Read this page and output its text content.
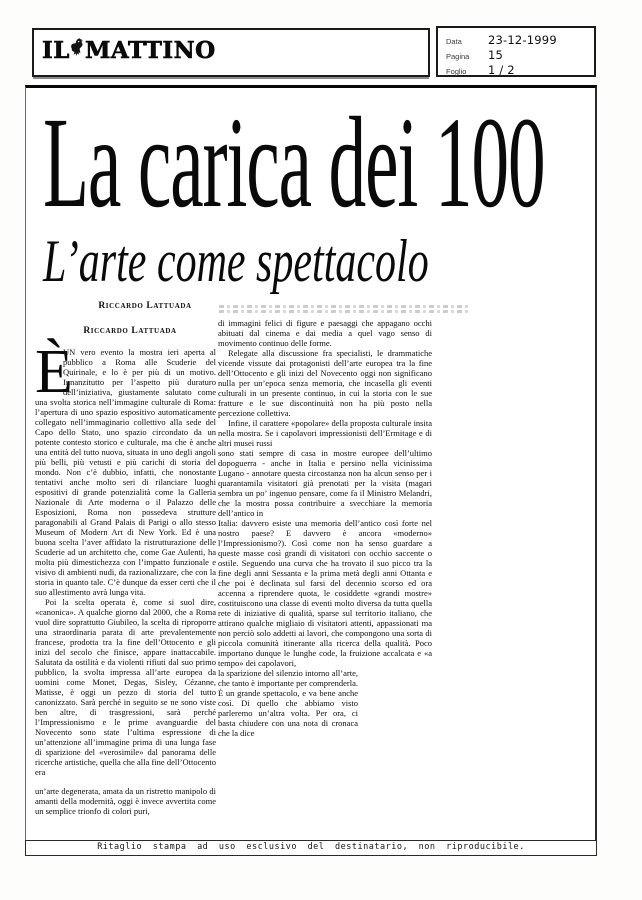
IL MATTINO	Data	23-12-1999
Pagina	15
Foglio	1 / 2
La carica dei 100
L’arte come spettacolo
Riccardo Lattuada
Riccardo Lattuada

È
UN vero evento la mostra ieri aperta al pubblico a Roma alle Scuderie del Quirinale, e lo è per più di un motivo. Innanzitutto per l’aspetto più duraturo dell’iniziativa, giustamente salutato come una svolta storica nell’immagine culturale di Roma: l’apertura di uno spazio espositivo automaticamente collegato nell’immaginario collettivo alla sede del Capo dello Stato, uno spazio circondato da un potente contesto storico e culturale, ma che è anche una entità del tutto nuova, situata in uno degli angoli più belli, più vetusti e più carichi di storia del mondo. Non c’è dubbio, infatti, che nonostante tentativi anche molto seri di rilanciare luoghi espositivi di grande potenzialità come la Galleria Nazionale di Arte moderna o il Palazzo delle Esposizioni, Roma non possedeva strutture paragonabili al Grand Palais di Parigi o allo stesso Museum of Modern Art di New York. Ed è una buona scelta l’aver affidato la ristrutturazione delle Scuderie ad un architetto che, come Gae Aulenti, ha molta più dimestichezza con l’impatto funzionale e visivo di ambienti nudi, da razionalizzare, che con la storia in quanto tale. C’è dunque da esser certi che il suo allestimento avrà lunga vita.

Poi la scelta operata è, come si suol dire, «canonica». A qualche giorno dal 2000, che a Roma vuol dire soprattutto Giubileo, la scelta di riproporre una straordinaria parata di arte prevalentemente francese, prodotta tra la fine dell’Ottocento e gli inizi del secolo che finisce, appare inattaccabile. Salutata da ostilità e da violenti rifiuti dal suo primo pubblico, la svolta impressa all’arte europea da uomini come Monet, Degas, Sisley, Cézanne, Matisse, è oggi un pezzo di storia del tutto canonizzato. Sarà perché in seguito se ne sono viste ben altre, di trasgressioni, sarà perché l’Impressionismo e le prime avanguardie del Novecento sono state l’ultima espressione di un’attenzione all’immagine prima di una lunga fase di sparizione del «verosimile» dal panorama delle ricerche artistiche, quella che alla fine dell’Ottocento era

un’arte degenerata, amata da un ristretto manipolo di amanti della modernità, oggi è invece avvertita come un semplice trionfo di colori puri,

di immagini felici di figure e paesaggi che appagano occhi abituati dal cinema e dai media a quel vago senso di movimento continuo delle forme.

Relegate alla discussione fra specialisti, le drammatiche vicende vissute dai protagonisti dell’arte europea tra la fine dell’Ottocento e gli inizi del Novecento oggi non significano nulla per un’epoca senza memoria, che incasella gli eventi culturali in un presente continuo, in cui la storia con le sue fratture e le sue discontinuità non ha più posto nella percezione collettiva.

Infine, il carattere «popolare» della proposta culturale insita nella mostra. Se i capolavori impressionisti dell’Ermitage e di altri musei russi

sono stati sempre di casa in mostre europee dell’ultimo dopoguerra - anche in Italia e persino nella vicinissima Lugano - annotare questa circostanza non ha alcun senso per i quarantamila visitatori già prenotati per la visita (magari sembra un po’ ingenuo pensare, come fa il Ministro Melandri, che la mostra possa contribuire a svecchiare la memoria dell’antico in

Italia: davvero esiste una memoria dell’antico così forte nel nostro paese? E davvero è ancora «moderno» l’Impressionismo?). Così come non ha senso guardare a queste masse così grandi di visitatori con occhio saccente o ostile. Seguendo una curva che ha trovato il suo picco tra la fine degli anni Sessanta e la prima metà degli anni Ottanta e che poi è declinata sul farsi del decennio scorso ed ora accenna a riprendere quota, le cosiddette «grandi mostre» costituiscono una classe di eventi molto diversa da tutta quella rete di iniziative di qualità, sparse sul territorio italiano, che attirano qualche migliaio di visitatori attenti, appassionati ma non perciò solo addetti ai lavori, che compongono una sorta di piccola comunità itinerante alla ricerca della qualità. Poco importano dunque le lunghe code, la fruizione accalcata e «a tempo» dei capolavori,

la sparizione del silenzio intorno all’arte, che tanto è importante per comprenderla. È un grande spettacolo, e va bene anche così. Di quello che abbiamo visto parleremo un’altra volta. Per ora, ci basta chiudere con una nota di cronaca che la dice

Ritaglio stampa ad uso esclusivo del destinatario, non riproducibile.
